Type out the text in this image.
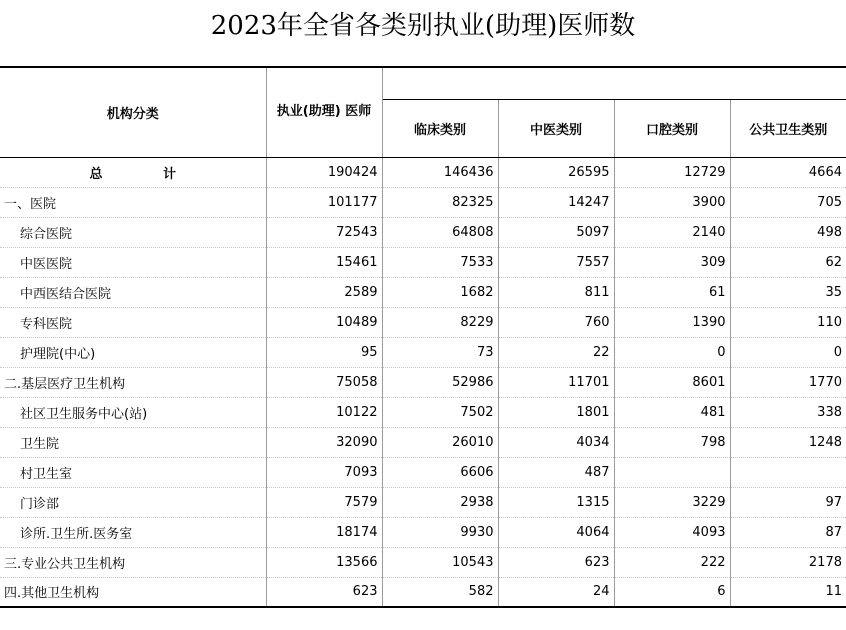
2023年全省各类别执业(助理)医师数
机构分类	执业(助理) 医师				
		临床类别	中医类别	口腔类别	公共卫生类别
总 计	190424	146436	26595	12729	4664
一、医院	101177	82325	14247	3900	705
综合医院	72543	64808	5097	2140	498
中医医院	15461	7533	7557	309	62
中西医结合医院	2589	1682	811	61	35
专科医院	10489	8229	760	1390	110
护理院(中心)	95	73	22	0	0
二.基层医疗卫生机构	75058	52986	11701	8601	1770
社区卫生服务中心(站)	10122	7502	1801	481	338
卫生院	32090	26010	4034	798	1248
村卫生室	7093	6606	487		
门诊部	7579	2938	1315	3229	97
诊所.卫生所.医务室	18174	9930	4064	4093	87
三.专业公共卫生机构	13566	10543	623	222	2178
四.其他卫生机构	623	582	24	6	11
